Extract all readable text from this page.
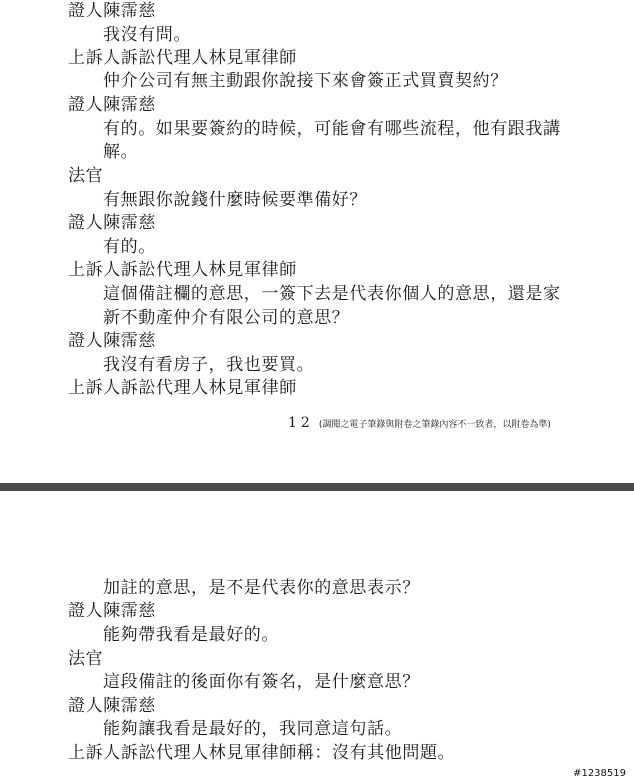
證人陳霈慈
我沒有問。
上訴人訴訟代理人林見軍律師
仲介公司有無主動跟你說接下來會簽正式買賣契約？
證人陳霈慈
有的。如果要簽約的時候，可能會有哪些流程，他有跟我講
解。
法官
有無跟你說錢什麼時候要準備好？
證人陳霈慈
有的。
上訴人訴訟代理人林見軍律師
這個備註欄的意思，一簽下去是代表你個人的意思，還是家
新不動產仲介有限公司的意思？
證人陳霈慈
我沒有看房子，我也要買。
上訴人訴訟代理人林見軍律師
12 (調閱之電子筆錄與附卷之筆錄內容不一致者，以附卷為準)
加註的意思，是不是代表你的意思表示？
證人陳霈慈
能夠帶我看是最好的。
法官
這段備註的後面你有簽名，是什麼意思？
證人陳霈慈
能夠讓我看是最好的，我同意這句話。
上訴人訴訟代理人林見軍律師稱：沒有其他問題。
#1238519
